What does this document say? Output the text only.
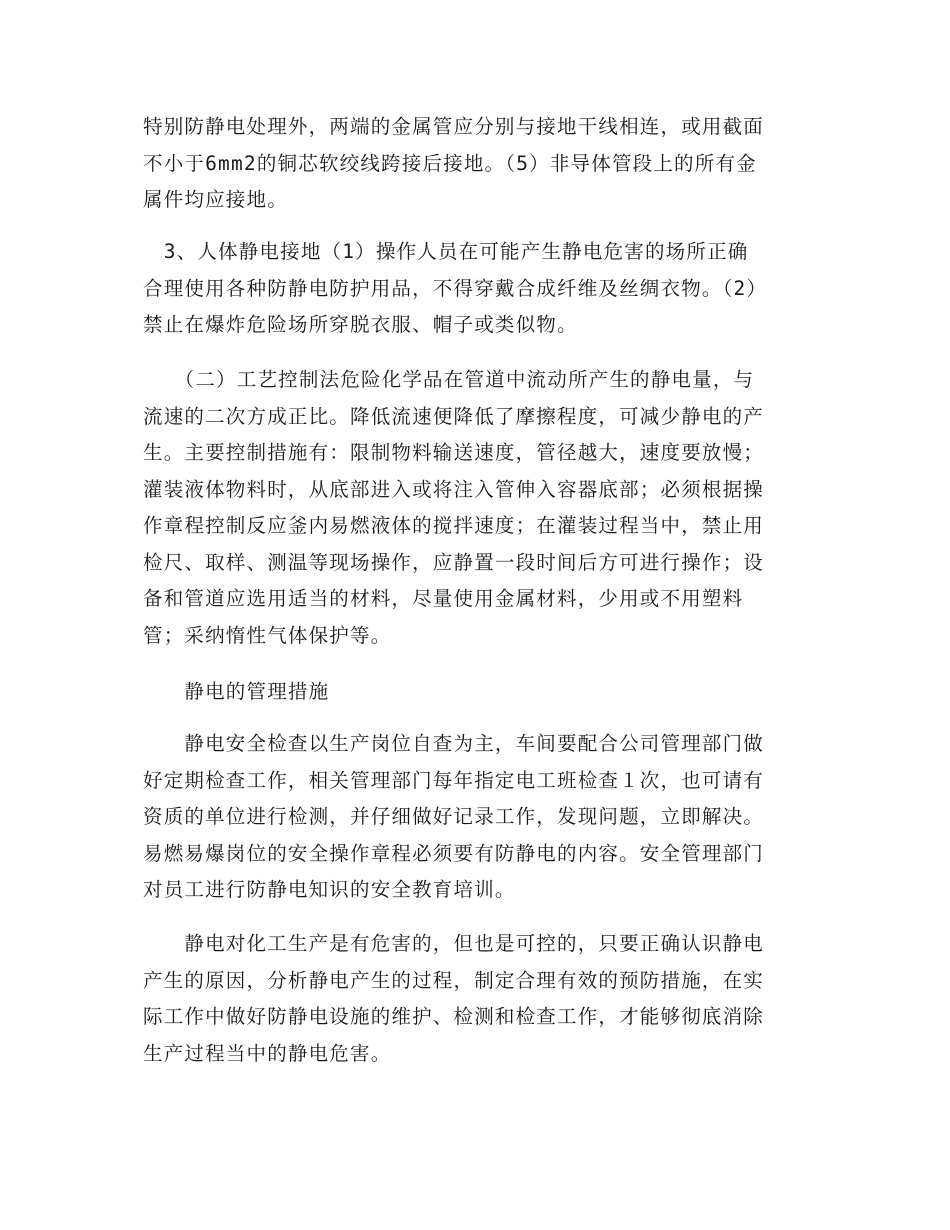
特别防静电处理外，两端的金属管应分别与接地干线相连，或用截面
不小于6mm2的铜芯软绞线跨接后接地。（5）非导体管段上的所有金
属件均应接地。

　3、人体静电接地（1）操作人员在可能产生静电危害的场所正确
合理使用各种防静电防护用品，不得穿戴合成纤维及丝绸衣物。（2）
禁止在爆炸危险场所穿脱衣服、帽子或类似物。

　　（二）工艺控制法危险化学品在管道中流动所产生的静电量，与
流速的二次方成正比。降低流速便降低了摩擦程度，可减少静电的产
生。主要控制措施有：限制物料输送速度，管径越大，速度要放慢；
灌装液体物料时，从底部进入或将注入管伸入容器底部；必须根据操
作章程控制反应釜内易燃液体的搅拌速度；在灌装过程当中，禁止用
检尺、取样、测温等现场操作，应静置一段时间后方可进行操作；设
备和管道应选用适当的材料，尽量使用金属材料，少用或不用塑料
管；采纳惰性气体保护等。

　　静电的管理措施

　　静电安全检查以生产岗位自查为主，车间要配合公司管理部门做
好定期检查工作，相关管理部门每年指定电工班检查１次，也可请有
资质的单位进行检测，并仔细做好记录工作，发现问题，立即解决。
易燃易爆岗位的安全操作章程必须要有防静电的内容。安全管理部门
对员工进行防静电知识的安全教育培训。

　　静电对化工生产是有危害的，但也是可控的，只要正确认识静电
产生的原因，分析静电产生的过程，制定合理有效的预防措施，在实
际工作中做好防静电设施的维护、检测和检查工作，才能够彻底消除
生产过程当中的静电危害。
